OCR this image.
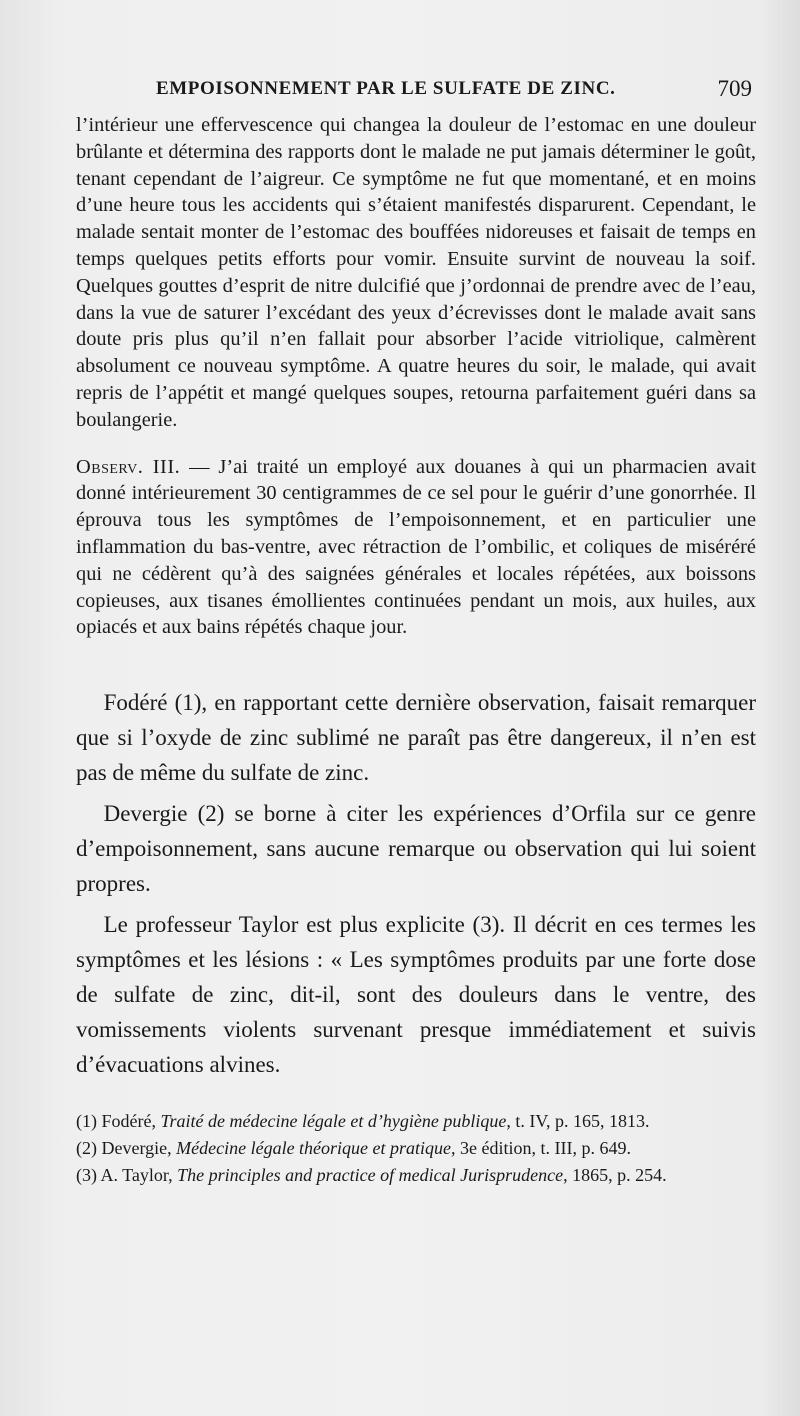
EMPOISONNEMENT PAR LE SULFATE DE ZINC.	709

l’intérieur une effervescence qui changea la douleur de l’estomac en une douleur brûlante et détermina des rapports dont le malade ne put jamais déterminer le goût, tenant cependant de l’aigreur. Ce symptôme ne fut que momentané, et en moins d’une heure tous les accidents qui s’étaient manifestés disparurent. Cependant, le malade sentait monter de l’estomac des bouffées nidoreuses et faisait de temps en temps quelques petits efforts pour vomir. Ensuite survint de nouveau la soif. Quelques gouttes d’esprit de nitre dulcifié que j’ordonnai de prendre avec de l’eau, dans la vue de saturer l’excédant des yeux d’écrevisses dont le malade avait sans doute pris plus qu’il n’en fallait pour absorber l’acide vitriolique, calmèrent absolument ce nouveau symptôme. A quatre heures du soir, le malade, qui avait repris de l’appétit et mangé quelques soupes, retourna parfaitement guéri dans sa boulangerie.

Observ. III. — J’ai traité un employé aux douanes à qui un pharmacien avait donné intérieurement 30 centigrammes de ce sel pour le guérir d’une gonorrhée. Il éprouva tous les symptômes de l’empoisonnement, et en particulier une inflammation du bas-ventre, avec rétraction de l’ombilic, et coliques de miséréré qui ne cédèrent qu’à des saignées générales et locales répétées, aux boissons copieuses, aux tisanes émollientes continuées pendant un mois, aux huiles, aux opiacés et aux bains répétés chaque jour.

Fodéré (1), en rapportant cette dernière observation, faisait remarquer que si l’oxyde de zinc sublimé ne paraît pas être dangereux, il n’en est pas de même du sulfate de zinc.

Devergie (2) se borne à citer les expériences d’Orfila sur ce genre d’empoisonnement, sans aucune remarque ou observation qui lui soient propres.

Le professeur Taylor est plus explicite (3). Il décrit en ces termes les symptômes et les lésions : « Les symptômes produits par une forte dose de sulfate de zinc, dit-il, sont des douleurs dans le ventre, des vomissements violents survenant presque immédiatement et suivis d’évacuations alvines.

(1) Fodéré, Traité de médecine légale et d’hygiène publique, t. IV, p. 165, 1813.

(2) Devergie, Médecine légale théorique et pratique, 3e édition, t. III, p. 649.

(3) A. Taylor, The principles and practice of medical Jurisprudence, 1865, p. 254.
